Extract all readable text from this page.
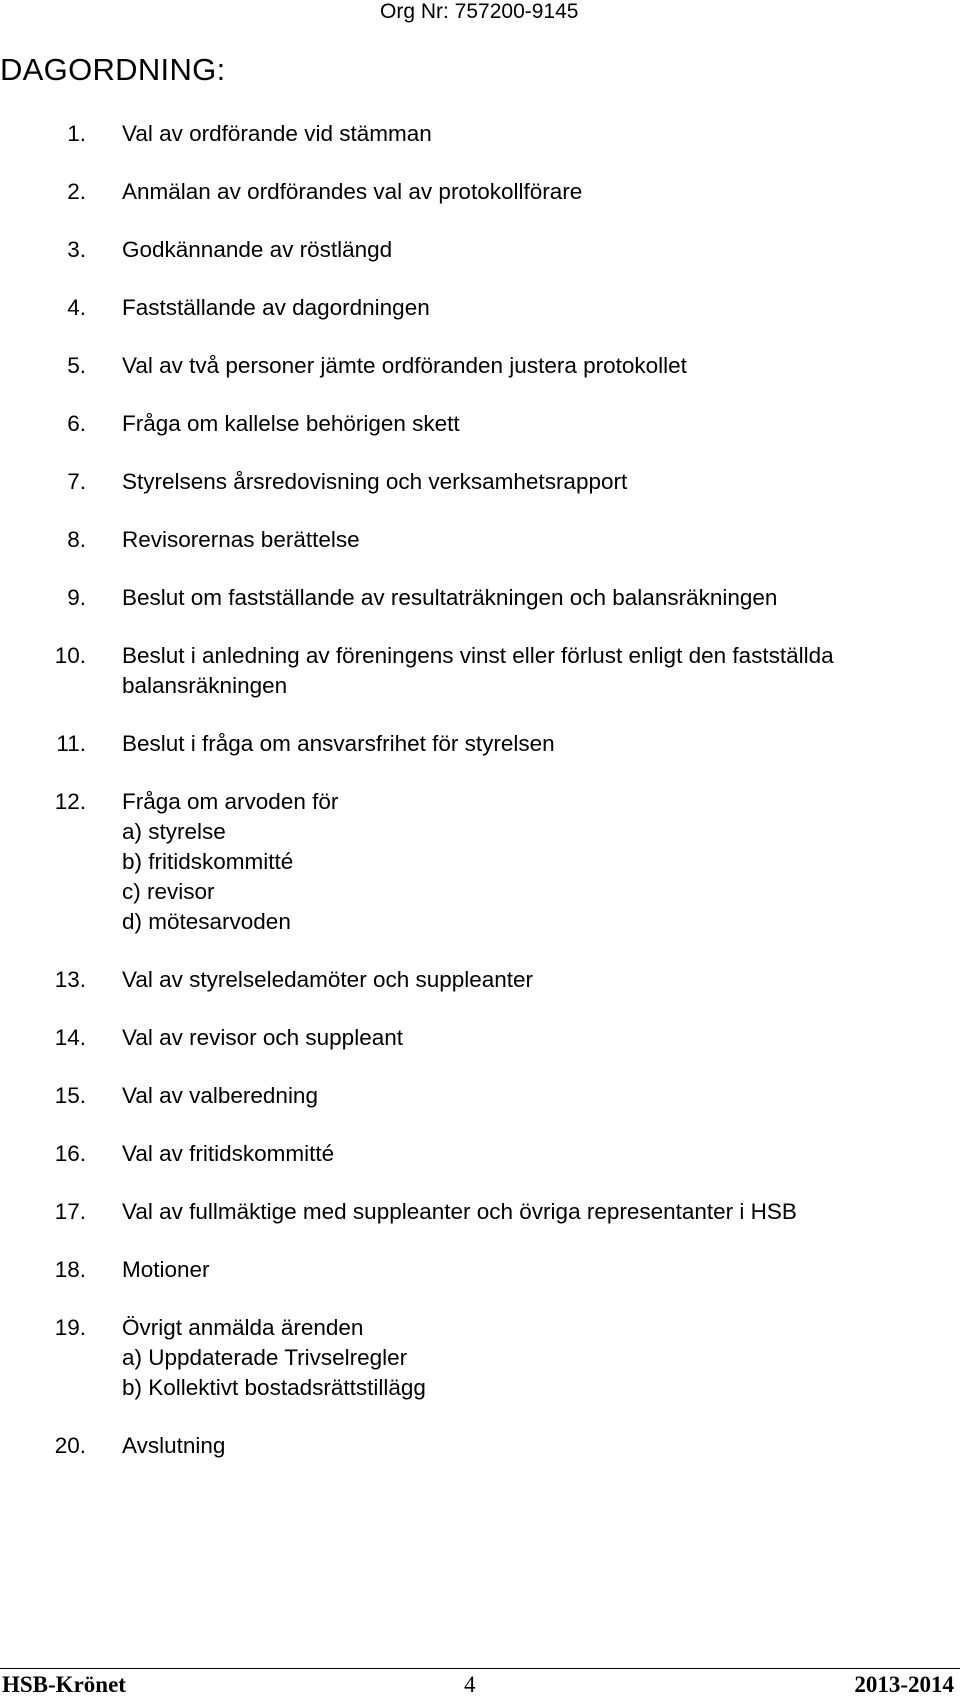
Org Nr: 757200-9145
DAGORDNING:
1. Val av ordförande vid stämman
2. Anmälan av ordförandes val av protokollförare
3. Godkännande av röstlängd
4. Fastställande av dagordningen
5. Val av två personer jämte ordföranden justera protokollet
6. Fråga om kallelse behörigen skett
7. Styrelsens årsredovisning och verksamhetsrapport
8. Revisorernas berättelse
9. Beslut om fastställande av resultaträkningen och balansräkningen
10. Beslut i anledning av föreningens vinst eller förlust enligt den fastställda balansräkningen
11. Beslut i fråga om ansvarsfrihet för styrelsen
12. Fråga om arvoden för
a) styrelse
b) fritidskommitté
c) revisor
d) mötesarvoden
13. Val av styrelseledamöter och suppleanter
14. Val av revisor och suppleant
15. Val av valberedning
16. Val av fritidskommitté
17. Val av fullmäktige med suppleanter och övriga representanter i HSB
18. Motioner
19. Övrigt anmälda ärenden
a) Uppdaterade Trivselregler
b) Kollektivt bostadsrättstillägg
20. Avslutning
HSB-Krönet	4	2013-2014
